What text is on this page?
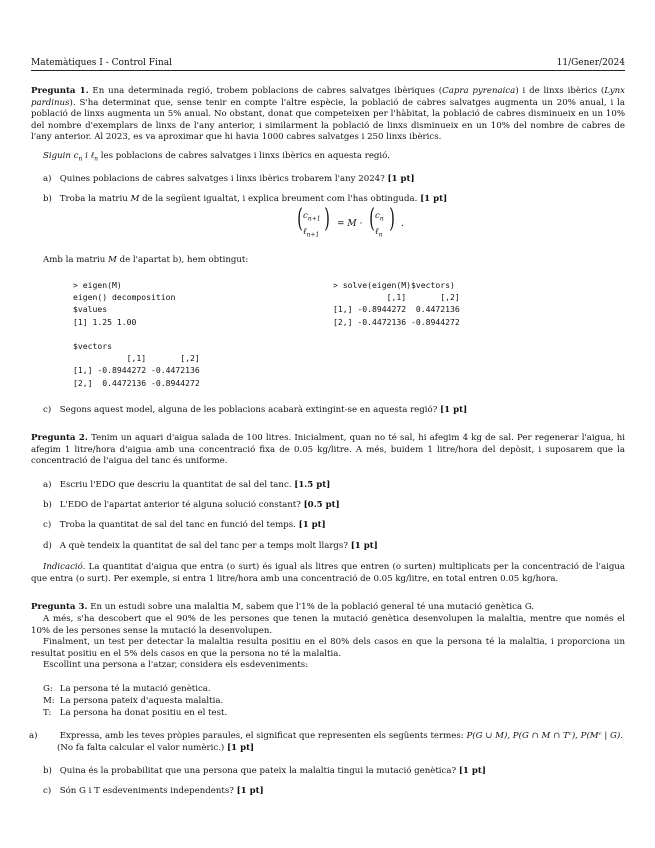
Matemàtiques I - Control Final	11/Gener/2024
Pregunta 1. En una determinada regió, trobem poblacions de cabres salvatges ibèriques (Capra pyrenaica) i de linxs ibèrics (Lynx pardinus). S'ha determinat que, sense tenir en compte l'altre espècie, la població de cabres salvatges augmenta un 20% anual, i la població de linxs augmenta un 5% anual. No obstant, donat que competeixen per l'hàbitat, la població de cabres disminueix en un 10% del nombre d'exemplars de linxs de l'any anterior, i similarment la població de linxs disminueix en un 10% del nombre de cabres de l'any anterior. Al 2023, es va aproximar que hi havia 1000 cabres salvatges i 250 linxs ibèrics.
Siguin $c_n$ i ℓ$_n$ les poblacions de cabres salvatges i linxs ibèrics en aquesta regió.
a) Quines poblacions de cabres salvatges i linxs ibèrics trobarem l'any 2024? [1 pt]
b) Troba la matriu M de la següent igualtat, i explica breument com l'has obtinguda. [1 pt]
( $c_{n+1}$
ℓ$_{n+1}$
) = M · ( $c_n$
ℓ$_n$
) .
Amb la matriu M de l'apartat b), hem obtingut:
> eigen(M)
eigen() decomposition
$values
[1] 1.25 1.00

$vectors
[,1]       [,2]
[1,] -0.8944272 -0.4472136
[2,]  0.4472136 -0.8944272
> solve(eigen(M)$vectors)
[,1]       [,2]
[1,] -0.8944272  0.4472136
[2,] -0.4472136 -0.8944272
c) Segons aquest model, alguna de les poblacions acabarà extingint-se en aquesta regió? [1 pt]
Pregunta 2. Tenim un aquari d'aigua salada de 100 litres. Inicialment, quan no té sal, hi afegim 4 kg de sal. Per regenerar l'aigua, hi afegim 1 litre/hora d'aigua amb una concentració fixa de 0.05 kg/litre. A més, buidem 1 litre/hora del depòsit, i suposarem que la concentració de l'aigua del tanc és uniforme.
a) Escriu l'EDO que descriu la quantitat de sal del tanc. [1.5 pt]
b) L'EDO de l'apartat anterior té alguna solució constant? [0.5 pt]
c) Troba la quantitat de sal del tanc en funció del temps. [1 pt]
d) A què tendeix la quantitat de sal del tanc per a temps molt llargs? [1 pt]
Indicació. La quantitat d'aigua que entra (o surt) és igual als litres que entren (o surten) multiplicats per la concentració de l'aigua que entra (o surt). Per exemple, si entra 1 litre/hora amb una concentració de 0.05 kg/litre, en total entren 0.05 kg/hora.
Pregunta 3. En un estudi sobre una malaltia M, sabem que l'1% de la població general té una mutació genètica G.
A més, s'ha descobert que el 90% de les persones que tenen la mutació genètica desenvolupen la malaltia, mentre que només el 10% de les persones sense la mutació la desenvolupen.
Finalment, un test per detectar la malaltia resulta positiu en el 80% dels casos en que la persona té la malaltia, i proporciona un resultat positiu en el 5% dels casos en que la persona no té la malaltia.
Escollint una persona a l'atzar, considera els esdeveniments:
G: La persona té la mutació genètica.
M: La persona pateix d'aquesta malaltia.
T: La persona ha donat positiu en el test.
a)	Expressa, amb les teves pròpies paraules, el significat que representen els següents termes: P(G ∪ M), P(G ∩ M ∩ Tᶜ), P(Mᶜ | G). (No fa falta calcular el valor numèric.) [1 pt]
b) Quina és la probabilitat que una persona que pateix la malaltia tingui la mutació genètica? [1 pt]
c) Són G i T esdeveniments independents? [1 pt]
